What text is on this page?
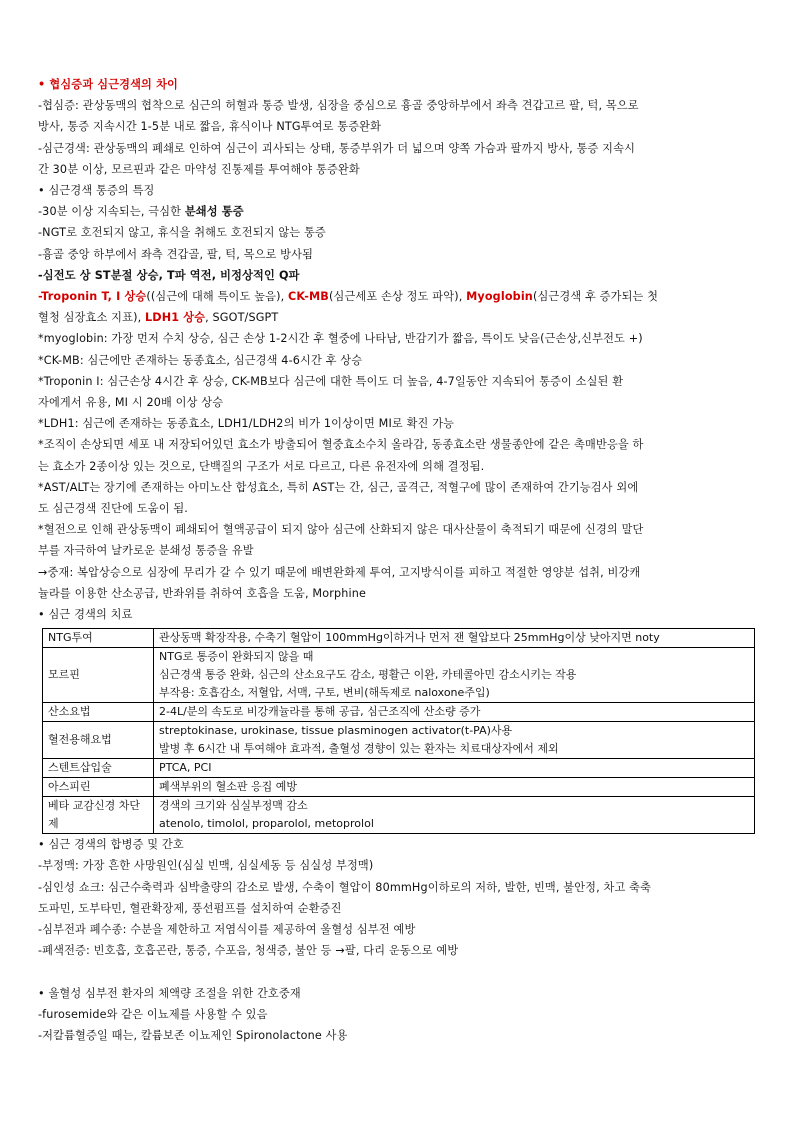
• 협심증과 심근경색의 차이

-협심증: 관상동맥의 협착으로 심근의 허혈과 통증 발생, 심장을 중심으로 흉골 중앙하부에서 좌측 견갑고르 팔, 턱, 목으로

방사, 통증 지속시간 1-5분 내로 짧음, 휴식이나 NTG투여로 통증완화

-심근경색: 관상동맥의 폐쇄로 인하여 심근이 괴사되는 상태, 통증부위가 더 넓으며 양쪽 가슴과 팔까지 방사, 통증 지속시

간 30분 이상, 모르핀과 같은 마약성 진통제를 투여해야 통증완화

• 심근경색 통증의 특징

-30분 이상 지속되는, 극심한 분쇄성 통증

-NGT로 호전되지 않고, 휴식을 취해도 호전되지 않는 통증

-흉골 중앙 하부에서 좌측 견갑골, 팔, 턱, 목으로 방사됨

-심전도 상 ST분절 상승, T파 역전, 비정상적인 Q파

-Troponin T, I 상승((심근에 대해 특이도 높음), CK-MB(심근세포 손상 정도 파악), Myoglobin(심근경색 후 증가되는 첫

혈청 심장효소 지표), LDH1 상승, SGOT/SGPT

*myoglobin: 가장 먼저 수치 상승, 심근 손상 1-2시간 후 혈중에 나타남, 반감기가 짧음, 특이도 낮음(근손상,신부전도 +)

*CK-MB: 심근에만 존재하는 동종효소, 심근경색 4-6시간 후 상승

*Troponin Ⅰ: 심근손상 4시간 후 상승, CK-MB보다 심근에 대한 특이도 더 높음, 4-7일동안 지속되어 통증이 소실된 환

자에게서 유용, MI 시 20배 이상 상승

*LDH1: 심근에 존재하는 동종효소, LDH1/LDH2의 비가 1이상이면 MI로 확진 가능

*조직이 손상되면 세포 내 저장되어있던 효소가 방출되어 혈중효소수치 올라감, 동종효소란 생물종안에 같은 촉매반응을 하

는 효소가 2종이상 있는 것으로, 단백질의 구조가 서로 다르고, 다른 유전자에 의해 결정됨.

*AST/ALT는 장기에 존재하는 아미노산 합성효소, 특히 AST는 간, 심근, 골격근, 적혈구에 많이 존재하여 간기능검사 외에

도 심근경색 진단에 도움이 됨.

*혈전으로 인해 관상동맥이 폐쇄되어 혈액공급이 되지 않아 심근에 산화되지 않은 대사산물이 축적되기 때문에 신경의 말단

부를 자극하여 날카로운 분쇄성 통증을 유발

→중재: 복압상승으로 심장에 무리가 갈 수 있기 때문에 배변완화제 투여, 고지방식이를 피하고 적절한 영양분 섭취, 비강캐

뉼라를 이용한 산소공급, 반좌위를 취하여 호흡을 도움, Morphine

• 심근 경색의 치료

NTG투여	관상동맥 확장작용, 수축기 혈압이 100mmHg이하거나 먼저 잰 혈압보다 25mmHg이상 낮아지면 noty

모르핀	NTG로 통증이 완화되지 않을 때
심근경색 통증 완화, 심근의 산소요구도 감소, 평활근 이완, 카테콜아민 감소시키는 작용
부작용: 호흡감소, 저혈압, 서맥, 구토, 변비(해독제로 naloxone주입)

산소요법	2-4L/분의 속도로 비강캐뉼라를 통해 공급, 심근조직에 산소량 증가

혈전용해요법	streptokinase, urokinase, tissue plasminogen activator(t-PA)사용
발병 후 6시간 내 투여해야 효과적, 출혈성 경향이 있는 환자는 치료대상자에서 제외

스텐트삽입술	PTCA, PCI

아스피린	폐색부위의 혈소판 응집 예방

베타 교감신경 차단제	경색의 크기와 심실부정맥 감소
atenolo, timolol, proparolol, metoprolol

• 심근 경색의 합병증 및 간호

-부정맥: 가장 흔한 사망원인(심실 빈맥, 심실세동 등 심실성 부정맥)

-심인성 쇼크: 심근수축력과 심박출량의 감소로 발생, 수축이 혈압이 80mmHg이하로의 저하, 발한, 빈맥, 불안정, 차고 축축

도파민, 도부타민, 혈관확장제, 풍선펌프를 설치하여 순환증진

-심부전과 폐수종: 수분을 제한하고 저염식이를 제공하여 울혈성 심부전 예방

-폐색전증: 빈호흡, 호흡곤란, 통증, 수포음, 청색증, 불안 등 →팔, 다리 운동으로 예방

• 울혈성 심부전 환자의 체액량 조절을 위한 간호중재

-furosemide와 같은 이뇨제를 사용할 수 있음

-저칼륨혈증일 때는, 칼륨보존 이뇨제인 Spironolactone 사용
